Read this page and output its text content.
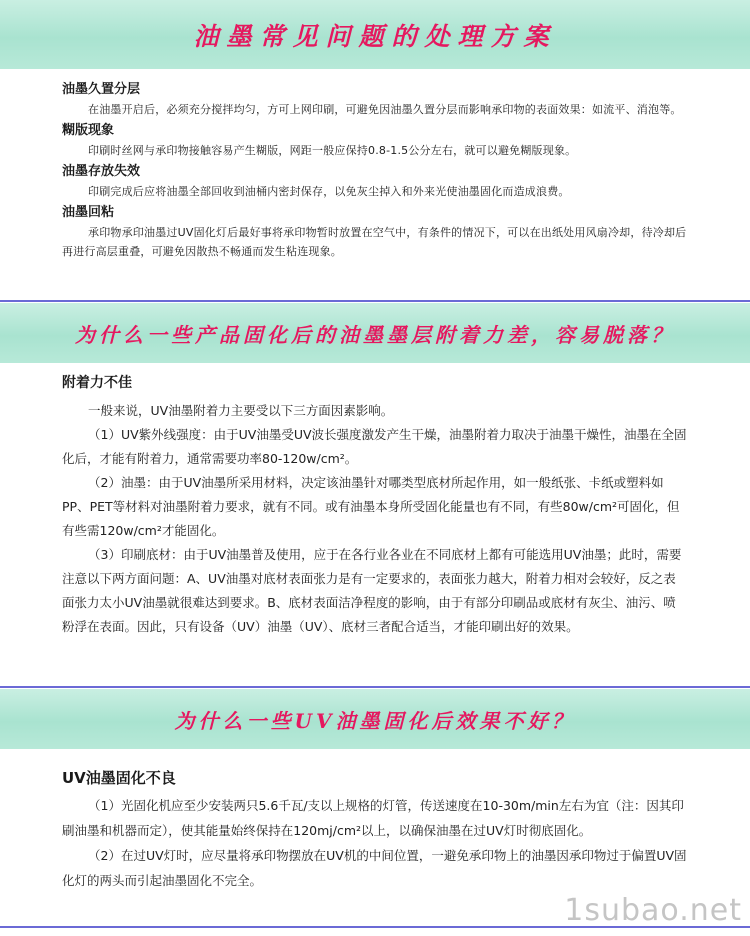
油墨常见问题的处理方案
油墨久置分层

在油墨开启后，必须充分搅拌均匀，方可上网印刷，可避免因油墨久置分层而影响承印物的表面效果：如流平、消泡等。

糊版现象

印刷时丝网与承印物接触容易产生糊版，网距一般应保持0.8-1.5公分左右，就可以避免糊版现象。

油墨存放失效

印刷完成后应将油墨全部回收到油桶内密封保存，以免灰尘掉入和外来光使油墨固化而造成浪费。

油墨回粘

承印物承印油墨过UV固化灯后最好事将承印物暂时放置在空气中，有条件的情况下，可以在出纸处用风扇冷却，待冷却后再进行高层重叠，可避免因散热不畅通而发生粘连现象。

为什么一些产品固化后的油墨墨层附着力差，容易脱落？
附着力不佳

一般来说，UV油墨附着力主要受以下三方面因素影响。

（1）UV紫外线强度：由于UV油墨受UV波长强度激发产生干燥，油墨附着力取决于油墨干燥性，油墨在全固化后，才能有附着力，通常需要功率80-120w/cm²。

（2）油墨：由于UV油墨所采用材料，决定该油墨针对哪类型底材所起作用，如一般纸张、卡纸或塑料如PP、PET等材料对油墨附着力要求，就有不同。或有油墨本身所受固化能量也有不同，有些80w/cm²可固化，但有些需120w/cm²才能固化。

（3）印刷底材：由于UV油墨普及使用，应于在各行业各业在不同底材上都有可能选用UV油墨；此时，需要注意以下两方面问题：A、UV油墨对底材表面张力是有一定要求的，表面张力越大，附着力相对会较好，反之表面张力太小UV油墨就很难达到要求。B、底材表面洁净程度的影响，由于有部分印刷品或底材有灰尘、油污、喷粉浮在表面。因此，只有设备（UV）油墨（UV）、底材三者配合适当，才能印刷出好的效果。

为什么一些UV油墨固化后效果不好？
UV油墨固化不良

（1）光固化机应至少安装两只5.6千瓦/支以上规格的灯管，传送速度在10-30m/min左右为宜（注：因其印刷油墨和机器而定），使其能量始终保持在120mj/cm²以上，以确保油墨在过UV灯时彻底固化。

（2）在过UV灯时，应尽量将承印物摆放在UV机的中间位置，一避免承印物上的油墨因承印物过于偏置UV固化灯的两头而引起油墨固化不完全。

1subao.net
